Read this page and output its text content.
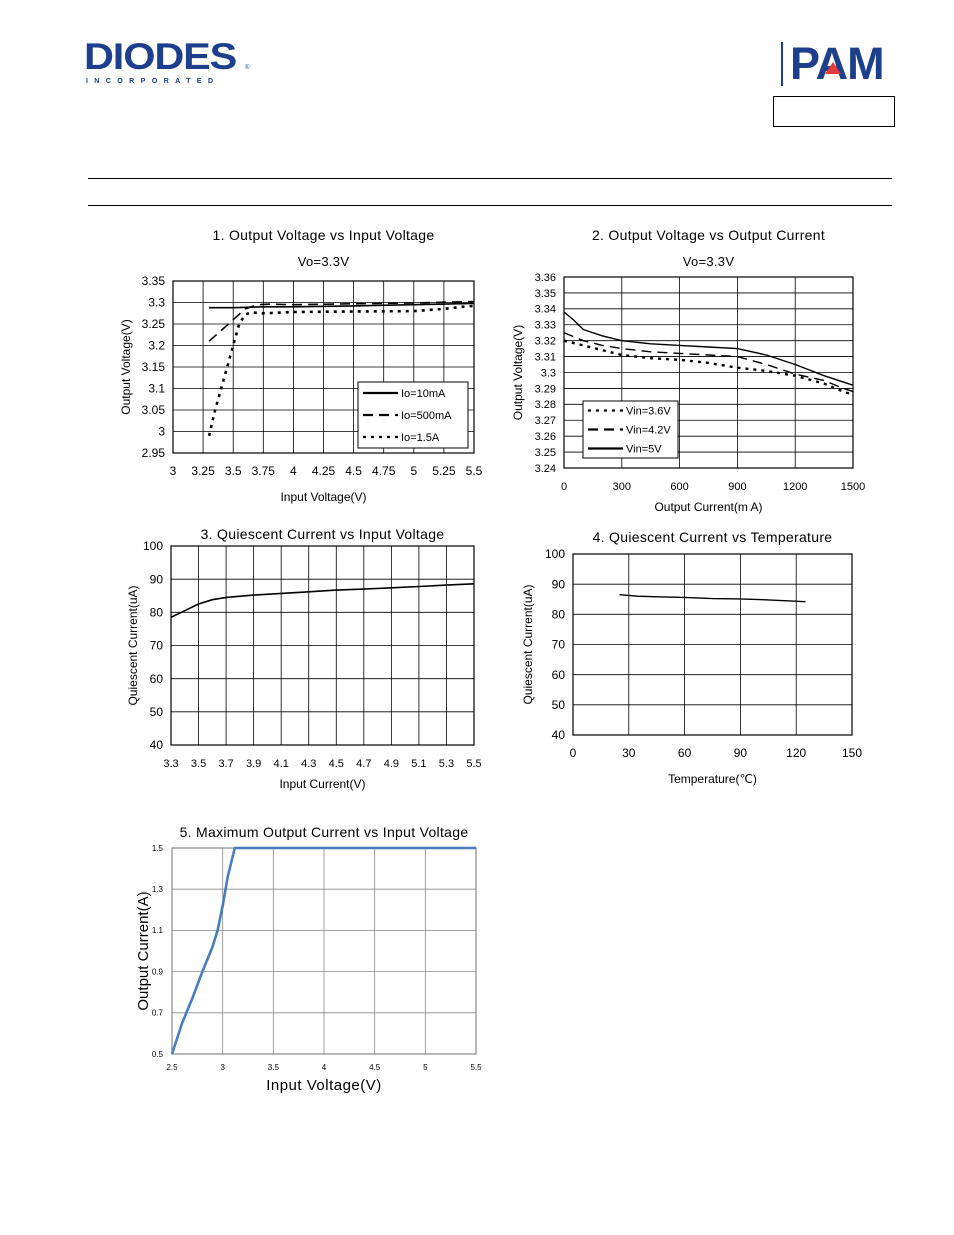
DIODES
INCORPORATED
®	PAM
1. Output Voltage vs Input Voltage
Vo=3.3V
3 3.25 3.5 3.75 4 4.25 4.5 4.75 5 5.25 5.5
2.95
3
3.05
3.1
3.15
3.2
3.25
3.3
3.35
Input Voltage(V)
Output Voltage(V)	Io=10mA
Io=500mA
Io=1.5A
2. Output Voltage vs Output Current
Vo=3.3V
0	300	600	900	1200	1500
3.24
3.25
3.26
3.27
3.28
3.29
3.3
3.31
3.32
3.33
3.34
3.35
3.36
Output Current(m A)
Output Voltage(V)	Vin=3.6V
Vin=4.2V
Vin=5V
3. Quiescent Current vs Input Voltage
3.3 3.5 3.7 3.9 4.1 4.3 4.5 4.7 4.9 5.1 5.3 5.5
40
50
60
70
80
90
100
Input Current(V)
Quiescent Current(uA)
4. Quiescent Current vs Temperature
0	30	60	90	120	150
40
50
60
70
80
90
100
Temperature(℃)
Quiescent Current(uA)
5. Maximum Output Current vs Input Voltage
2.5	3	3.5	4	4.5	5	5.5
0.5
0.7
0.9
1.1
1.3
1.5
Input Voltage(V)
Output Current(A)
